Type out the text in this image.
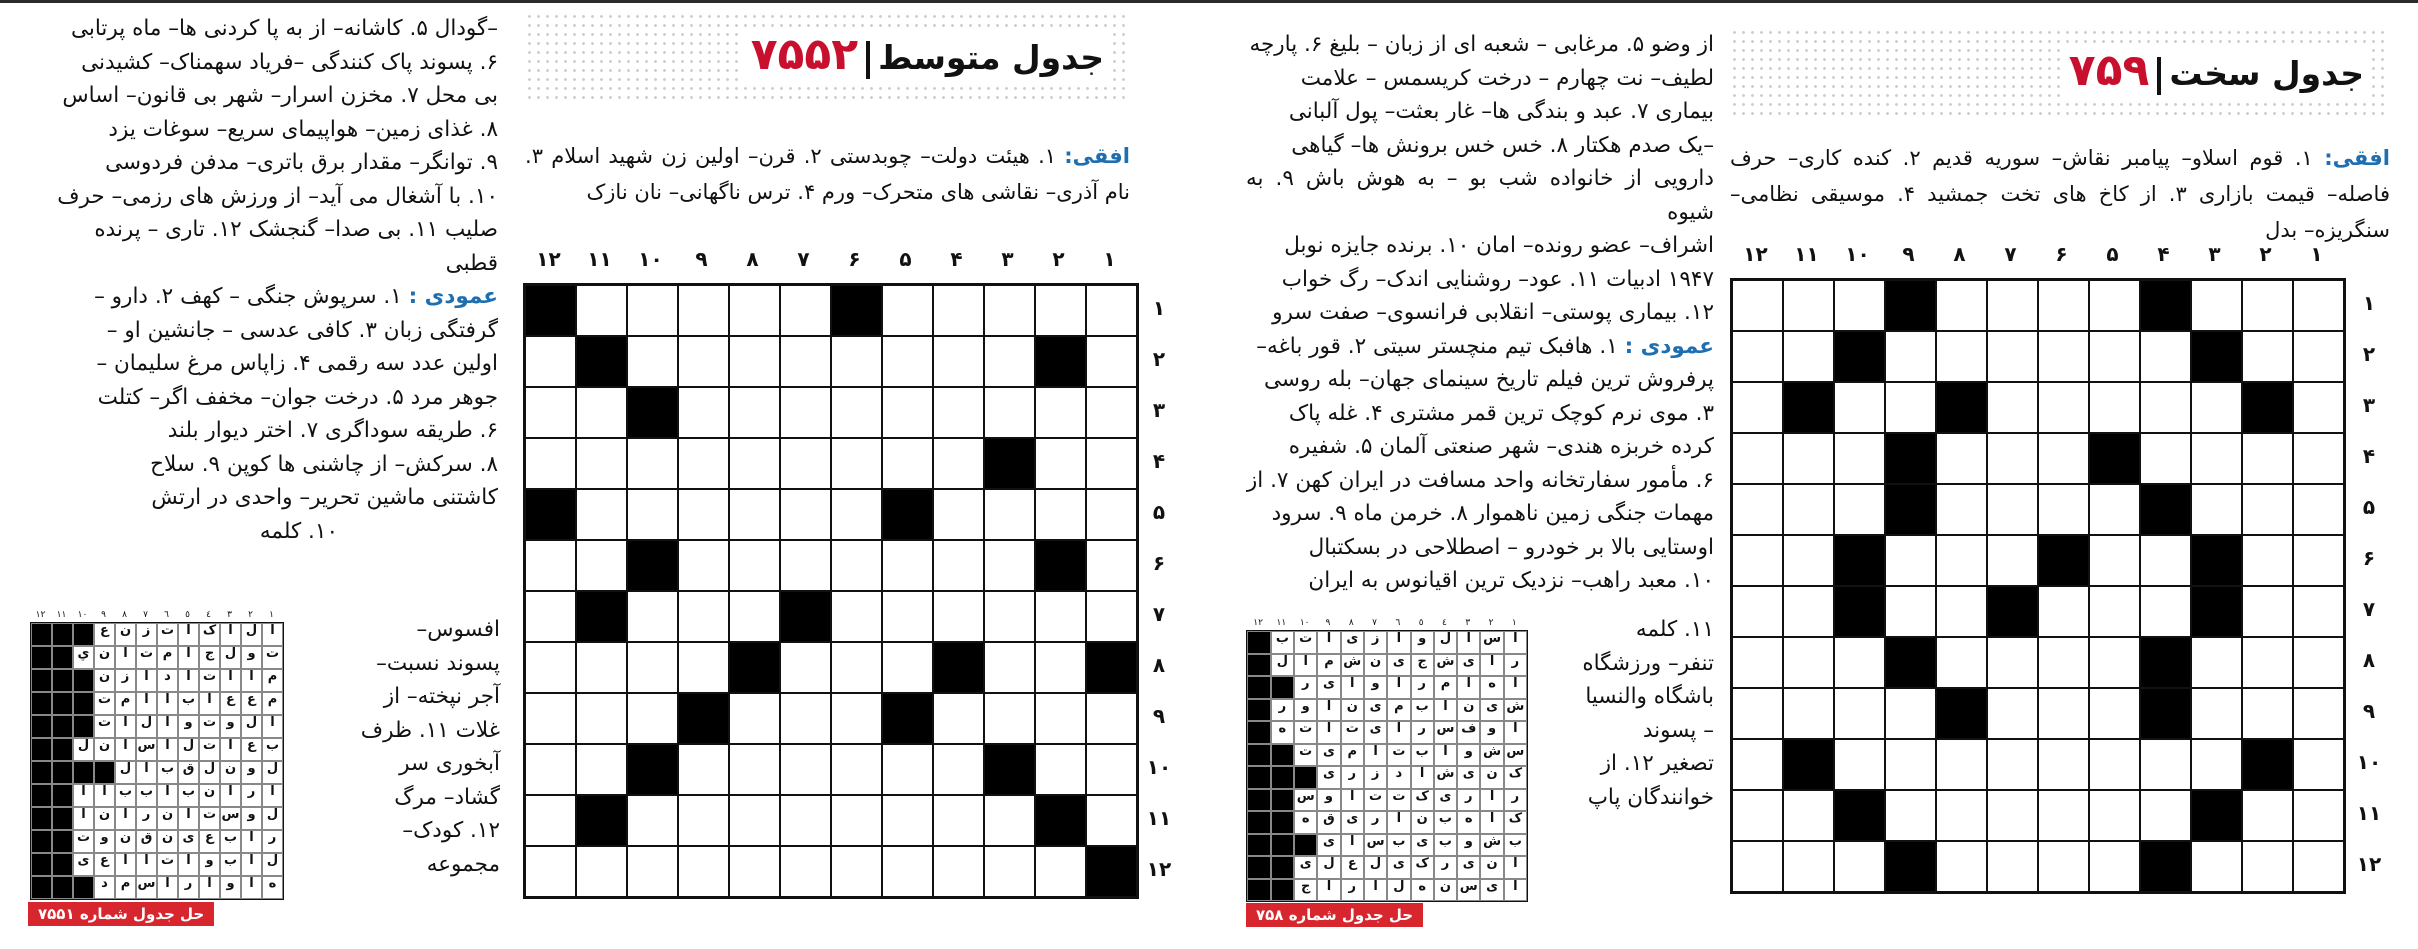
–گودال ۵. کاشانه– از به پا کردنی ها– ماه پرتابی

۶. پسوند پاک کنندگی –فریاد سهمناک– کشیدنی

بی محل ۷. مخزن اسرار– شهر بی قانون– اساس

۸. غذای زمین– هواپیمای سریع– سوغات یزد

۹. توانگر– مقدار برق باتری– مدفن فردوسی

۱۰. با آشغال می آید– از ورزش های رزمی– حرف

صلیب ۱۱. بی صدا– گنجشک ۱۲. تاری – پرنده

قطبی

عمودی : ۱. سرپوش جنگی – کهف ۲. دارو –

گرفتگی زبان ۳. کافی عدسی – جانشین او –

اولین عدد سه رقمی ۴. زاپاس مرغ سلیمان –

جوهر مرد ۵. درخت جوان– مخفف اگر– کتلت

۶. طریقه سوداگری ۷. اختر دیوار بلند

۸. سرکش– از چاشنی ها کوپن ۹. سلاح

کاشتنی ماشین تحریر– واحدی در ارتش

۱۰. کلمه

افسوس–

پسوند نسبت–

آجر نپخته– از

غلات ۱۱. ظرف

آبخوری سر

گشاد– مرگ

۱۲. کودک–

مجموعه

١
٢
٣
٤
٥
٦
٧
٨
٩
١٠
١١
١٢
ا
ل
ا
ک
ا
ت
ز
ن
ع
ت
و
ل
ج
ا
م
ت
ا
ن
ي
م
ا
ا
ت
ا
د
ا
ز
ن
م
ع
ع
ا
ب
ا
ا
م
ت
ا
ل
و
ت
و
ا
ل
ا
ت
ب
ع
ا
ت
ل
ا
س
ا
ن
ل
ل
و
ن
ل
ق
ب
ا
ل
ا
ر
ا
ن
ب
ا
ب
ب
ا
ا
ل
و
س
ت
ا
ن
ر
ا
ن
ا
ر
ا
ب
ع
ی
ن
ق
ن
و
ت
ل
ا
ب
و
ا
ت
ا
ا
ع
ی
ه
ا
و
ا
ر
ا
س
م
د
حل جدول شماره ۷۵۵۱
جدول متوسط۷۵۵۲

افقی: ۱. هیئت دولت– چوبدستی ۲. قرن– اولین زن شهید اسلام ۳. نام آذری– نقاشی های متحرک– ورم ۴. ترس ناگهانی– نان نازک

۱
۲
۳
۴
۵
۶
۷
۸
۹
۱۰
۱۱
۱۲
۱
۲
۳
۴
۵
۶
۷
۸
۹
۱۰
۱۱
۱۲

از وضو ۵. مرغابی – شعبه ای از زبان – بلیغ ۶. پارچه

لطیف– نت چهارم – درخت کریسمس – علامت

بیماری ۷. عبد و بندگی ها– غار بعثت– پول آلبانی

–یک صدم هکتار ۸. خس خس برونش ها– گیاهی

دارویی از خانواده شب بو – به هوش باش ۹. به شیوه

اشراف– عضو رونده– امان ۱۰. برنده جایزه نوبل

۱۹۴۷ ادبیات ۱۱. عود– روشنایی اندک– رگ خواب

۱۲. بیماری پوستی– انقلابی فرانسوی– صفت سرو

عمودی : ۱. هافبک تیم منچستر سیتی ۲. قور باغه–

پرفروش ترین فیلم تاریخ سینمای جهان– بله روسی

۳. موی نرم کوچک ترین قمر مشتری ۴. غله پاک

کرده خربزه هندی– شهر صنعتی آلمان ۵. شفیره

۶. مأمور سفارتخانه واحد مسافت در ایران کهن ۷. از

مهمات جنگی زمین ناهموار ۸. خرمن ماه ۹. سرود

اوستایی بالا بر خودرو – اصطلاحی در بسکتبال

۱۰. معبد راهب– نزدیک ترین اقیانوس به ایران

۱۱. کلمه

تنفر– ورزشگاه

باشگاه والنسیا

– پسوند

تصغیر ۱۲. از

خوانندگان پاپ

١
٢
٣
٤
٥
٦
٧
٨
٩
١٠
١١
١٢
ا
س
ا
ل
و
ا
ز
ی
ا
ت
ب
ر
ا
ی
ش
ج
ی
ن
ش
م
ا
ل
ا
ه
ا
م
ر
ا
و
ا
ی
ر
ش
ی
ن
ا
ب
م
ی
ن
ا
و
ر
ا
و
ف
س
ر
ا
ی
ت
ا
ت
ه
س
ش
و
ا
ب
ت
ا
م
ی
ت
ک
ن
ی
ش
ا
د
ز
ر
ی
ر
ا
ر
ی
ک
ت
ت
ا
و
س
ک
ا
ه
ب
ن
ا
ر
ی
ق
ه
ب
ش
و
ب
ی
ب
س
ا
ی
ا
ن
ی
ر
ک
ی
ل
ع
ل
ی
ا
ی
س
ن
ه
ل
ا
ر
ا
ج
حل جدول شماره ۷۵۸
جدول سخت۷۵۹

افقی: ۱. قوم اسلاو– پیامبر نقاش– سوریه قدیم ۲. کنده کاری– حرف فاصله– قیمت بازاری ۳. از کاخ های تخت جمشید ۴. موسیقی نظامی– سنگریزه– بدل

۱
۲
۳
۴
۵
۶
۷
۸
۹
۱۰
۱۱
۱۲
۱
۲
۳
۴
۵
۶
۷
۸
۹
۱۰
۱۱
۱۲
